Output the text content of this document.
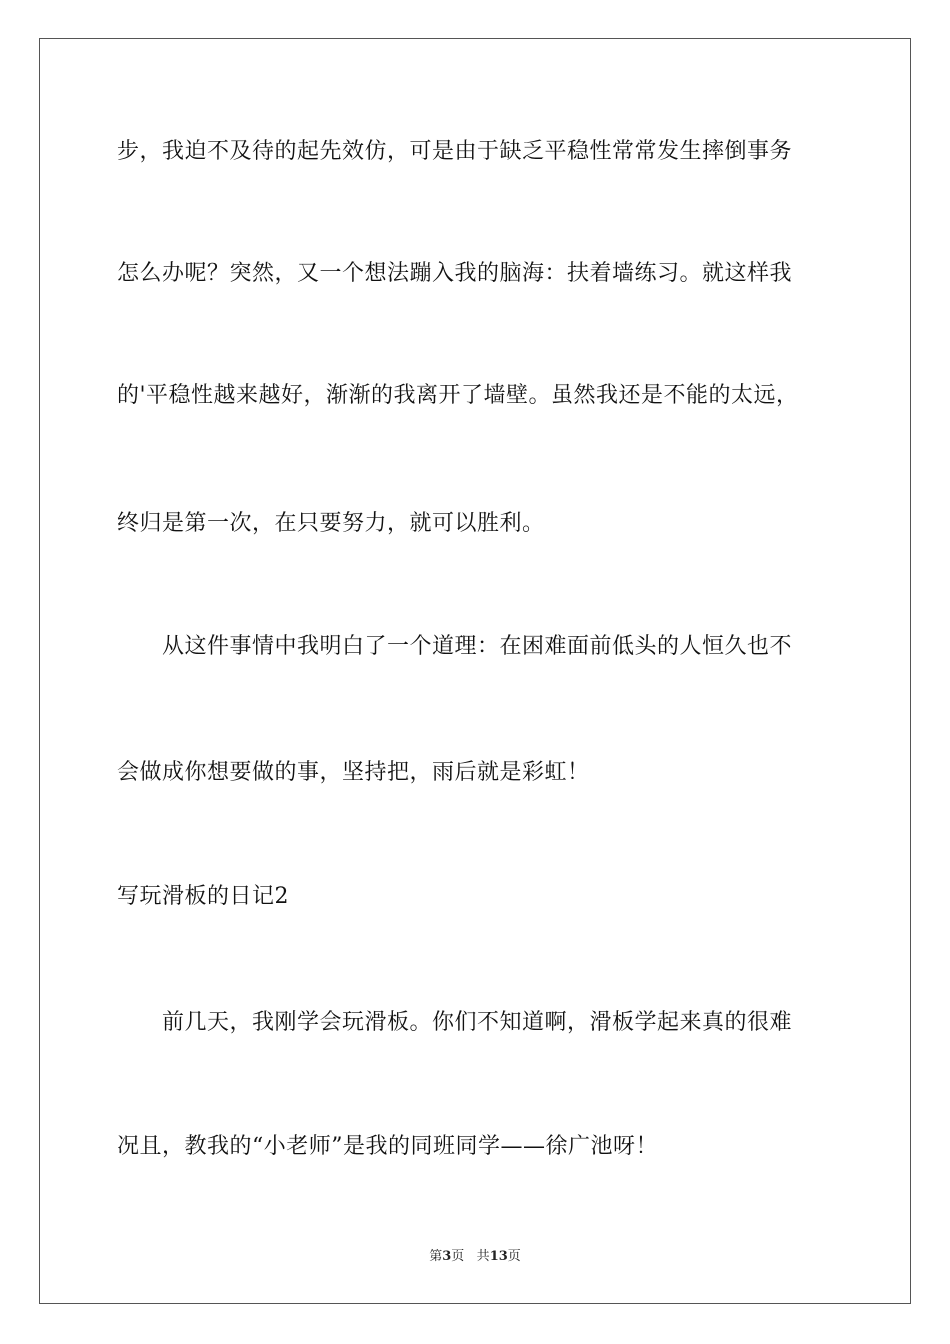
步，我迫不及待的起先效仿，可是由于缺乏平稳性常常发生摔倒事务
怎么办呢？突然，又一个想法蹦入我的脑海：扶着墙练习。就这样我
的'平稳性越来越好，渐渐的我离开了墙壁。虽然我还是不能的太远，
终归是第一次，在只要努力，就可以胜利。
从这件事情中我明白了一个道理：在困难面前低头的人恒久也不
会做成你想要做的事，坚持把，雨后就是彩虹！
写玩滑板的日记2
前几天，我刚学会玩滑板。你们不知道啊，滑板学起来真的很难
况且，教我的“小老师”是我的同班同学——徐广池呀！
第3页 共13页
